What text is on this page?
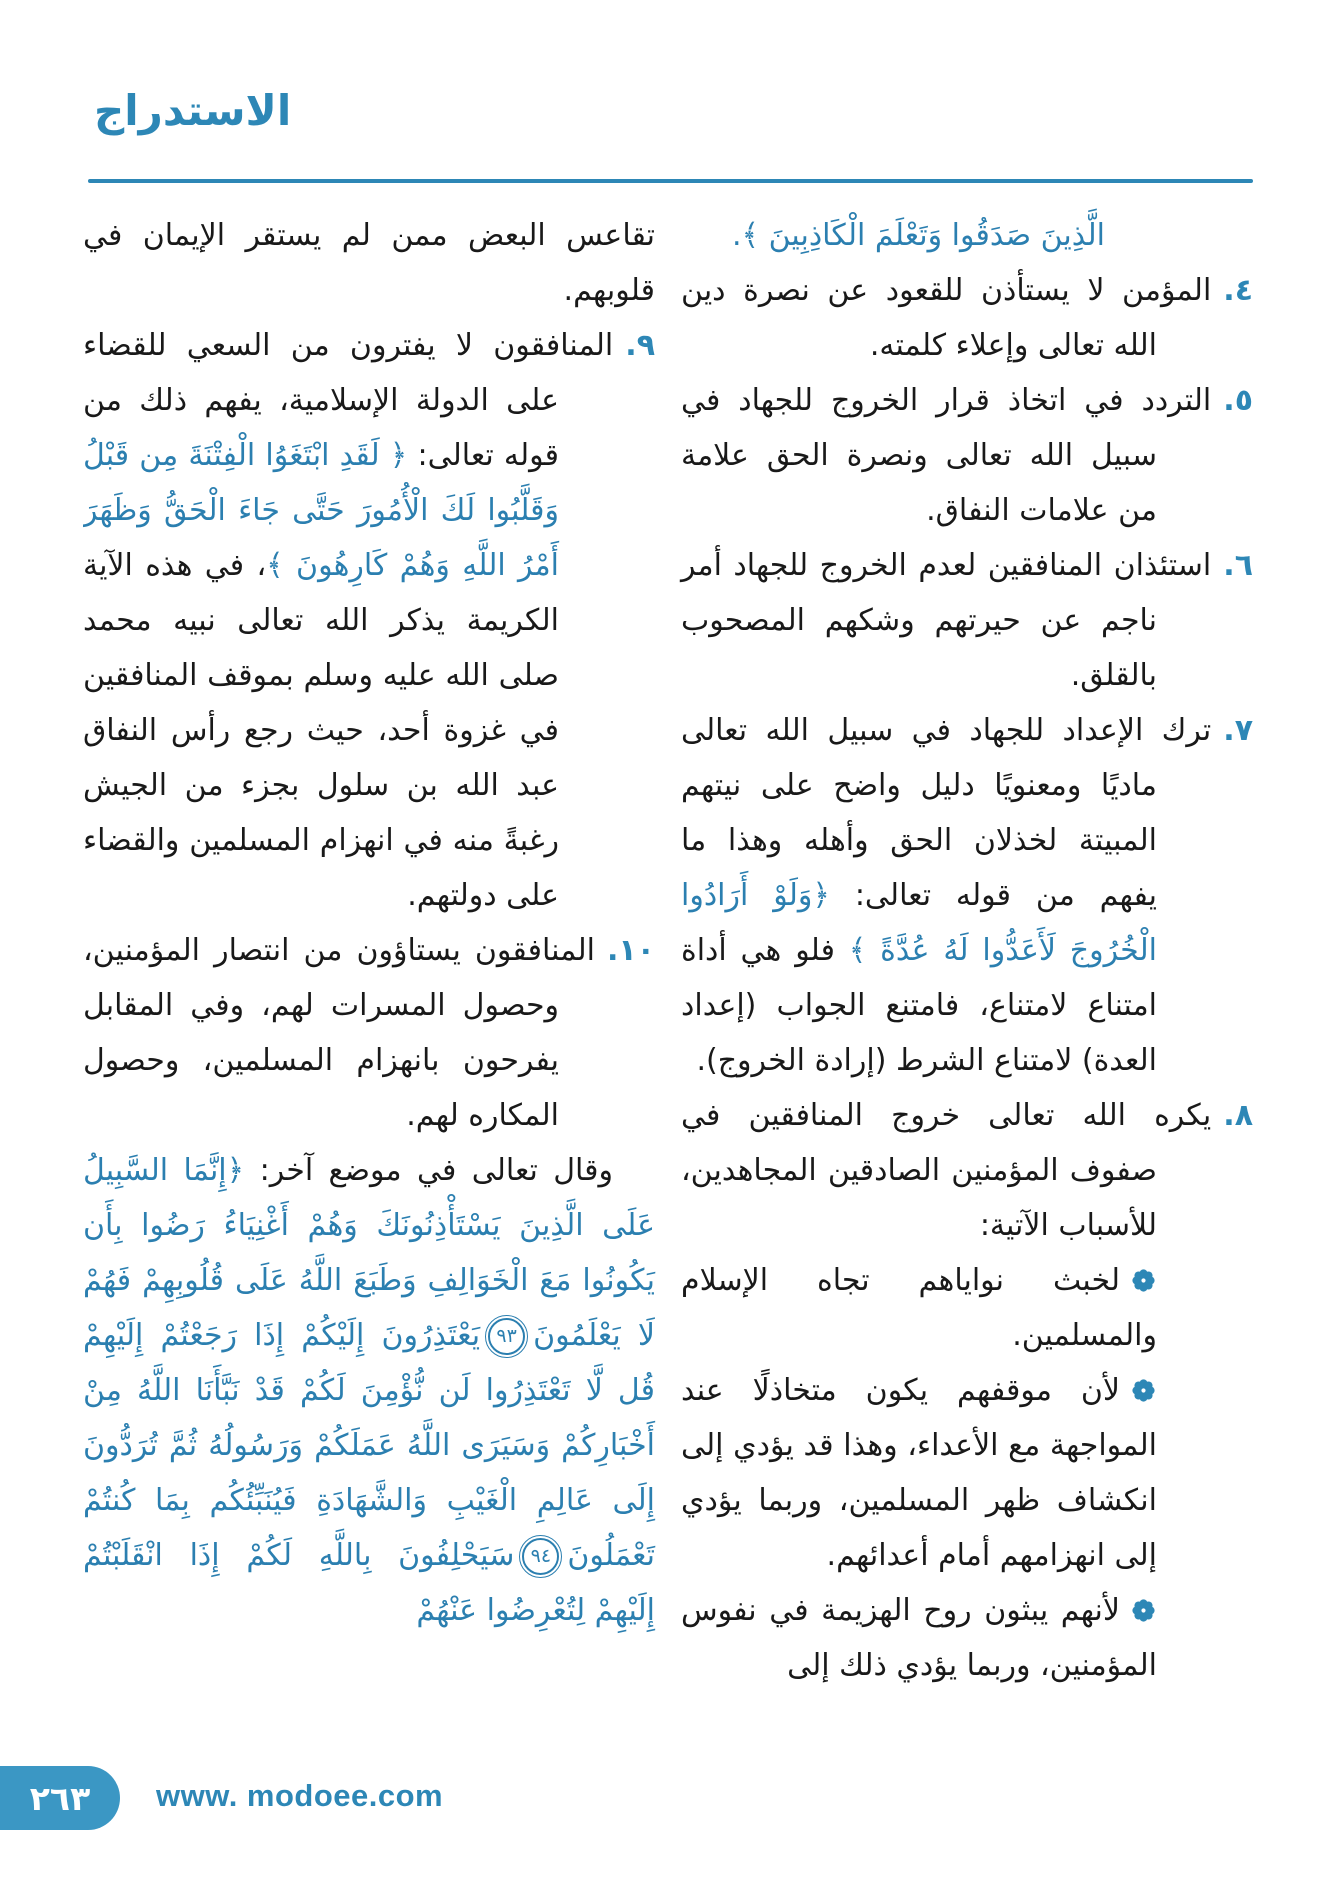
الاستدراج
الَّذِينَ صَدَقُوا وَتَعْلَمَ الْكَاذِبِينَ ﴾.
٤.المؤمن لا يستأذن للقعود عن نصرة دين الله تعالى وإعلاء كلمته.
٥.التردد في اتخاذ قرار الخروج للجهاد في سبيل الله تعالى ونصرة الحق علامة من علامات النفاق.
٦.استئذان المنافقين لعدم الخروج للجهاد أمر ناجم عن حيرتهم وشكهم المصحوب بالقلق.
٧.ترك الإعداد للجهاد في سبيل الله تعالى ماديًا ومعنويًا دليل واضح على نيتهم المبيتة لخذلان الحق وأهله وهذا ما يفهم من قوله تعالى: ﴿وَلَوْ أَرَادُوا الْخُرُوجَ لَأَعَدُّوا لَهُ عُدَّةً ﴾ فلو هي أداة امتناع لامتناع، فامتنع الجواب (إعداد العدة) لامتناع الشرط (إرادة الخروج).
٨.يكره الله تعالى خروج المنافقين في صفوف المؤمنين الصادقين المجاهدين، للأسباب الآتية:
لخبث نواياهم تجاه الإسلام والمسلمين.
لأن موقفهم يكون متخاذلًا عند المواجهة مع الأعداء، وهذا قد يؤدي إلى انكشاف ظهر المسلمين، وربما يؤدي إلى انهزامهم أمام أعدائهم.
لأنهم يبثون روح الهزيمة في نفوس المؤمنين، وربما يؤدي ذلك إلى
تقاعس البعض ممن لم يستقر الإيمان في قلوبهم.
٩.المنافقون لا يفترون من السعي للقضاء على الدولة الإسلامية، يفهم ذلك من قوله تعالى: ﴿ لَقَدِ ابْتَغَوُا الْفِتْنَةَ مِن قَبْلُ وَقَلَّبُوا لَكَ الْأُمُورَ حَتَّى جَاءَ الْحَقُّ وَظَهَرَ أَمْرُ اللَّهِ وَهُمْ كَارِهُونَ ﴾، في هذه الآية الكريمة يذكر الله تعالى نبيه محمد صلى الله عليه وسلم بموقف المنافقين في غزوة أحد، حيث رجع رأس النفاق عبد الله بن سلول بجزء من الجيش رغبةً منه في انهزام المسلمين والقضاء على دولتهم.
١٠.المنافقون يستاؤون من انتصار المؤمنين، وحصول المسرات لهم، وفي المقابل يفرحون بانهزام المسلمين، وحصول المكاره لهم.
وقال تعالى في موضع آخر: ﴿إِنَّمَا السَّبِيلُ عَلَى الَّذِينَ يَسْتَأْذِنُونَكَ وَهُمْ أَغْنِيَاءُ رَضُوا بِأَن يَكُونُوا مَعَ الْخَوَالِفِ وَطَبَعَ اللَّهُ عَلَى قُلُوبِهِمْ فَهُمْ لَا يَعْلَمُونَ٩٣يَعْتَذِرُونَ إِلَيْكُمْ إِذَا رَجَعْتُمْ إِلَيْهِمْ قُل لَّا تَعْتَذِرُوا لَن نُّؤْمِنَ لَكُمْ قَدْ نَبَّأَنَا اللَّهُ مِنْ أَخْبَارِكُمْ وَسَيَرَى اللَّهُ عَمَلَكُمْ وَرَسُولُهُ ثُمَّ تُرَدُّونَ إِلَى عَالِمِ الْغَيْبِ وَالشَّهَادَةِ فَيُنَبِّئُكُم بِمَا كُنتُمْ تَعْمَلُونَ٩٤سَيَحْلِفُونَ بِاللَّهِ لَكُمْ إِذَا انْقَلَبْتُمْ إِلَيْهِمْ لِتُعْرِضُوا عَنْهُمْ
٢٦٣	www. modoee.com
